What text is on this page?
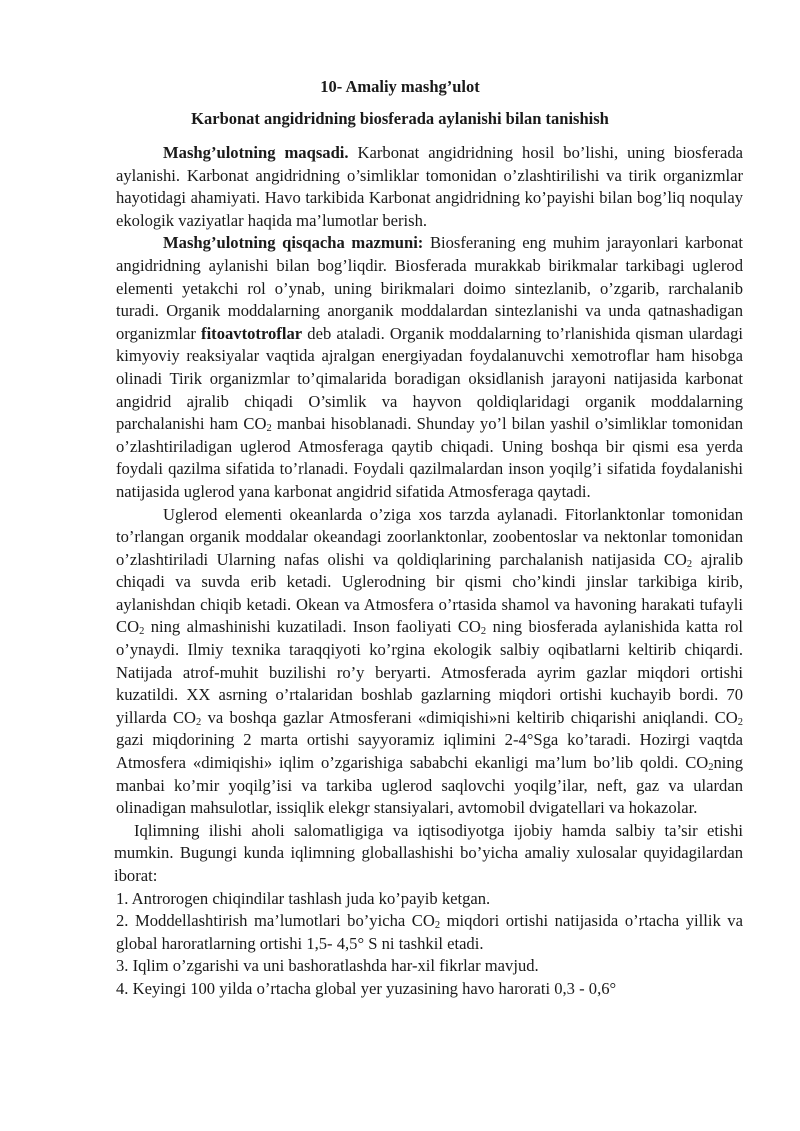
10- Amaliy mashg’ulot
Karbonat angidridning biosferada aylanishi bilan tanishish

Mashg’ulotning maqsadi. Karbonat angidridning hosil bo’lishi, uning biosferada aylanishi. Karbonat angidridning o’simliklar tomonidan o’zlashtirilishi va tirik organizmlar hayotidagi ahamiyati. Havo tarkibida Karbonat angidridning ko’payishi bilan bog’liq noqulay ekologik vaziyatlar haqida ma’lumotlar berish.

Mashg’ulotning qisqacha mazmuni: Biosferaning eng muhim jarayonlari karbonat angidridning aylanishi bilan bog’liqdir. Biosferada murakkab birikmalar tarkibagi uglerod elementi yetakchi rol o’ynab, uning birikmalari doimo sintezlanib, o’zgarib, rarchalanib turadi. Organik moddalarning anorganik moddalardan sintezlanishi va unda qatnashadigan organizmlar fitoavtotroflar deb ataladi. Organik moddalarning to’rlanishida qisman ulardagi kimyoviy reaksiyalar vaqtida ajralgan energiyadan foydalanuvchi xemotroflar ham hisobga olinadi Tirik organizmlar to’qimalarida boradigan oksidlanish jarayoni natijasida karbonat angidrid ajralib chiqadi O’simlik va hayvon qoldiqlaridagi organik moddalarning parchalanishi ham $CO_2$ manbai hisoblanadi. Shunday yo’l bilan yashil o’simliklar tomonidan o’zlashtiriladigan uglerod Atmosferaga qaytib chiqadi. Uning boshqa bir qismi esa yerda foydali qazilma sifatida to’rlanadi. Foydali qazilmalardan inson yoqilg’i sifatida foydalanishi natijasida uglerod yana karbonat angidrid sifatida Atmosferaga qaytadi.

Uglerod elementi okeanlarda o’ziga xos tarzda aylanadi. Fitorlanktonlar tomonidan to’rlangan organik moddalar okeandagi zoorlanktonlar, zoobentoslar va nektonlar tomonidan o’zlashtiriladi Ularning nafas olishi va qoldiqlarining parchalanish natijasida $CO_2$ ajralib chiqadi va suvda erib ketadi. Uglerodning bir qismi cho’kindi jinslar tarkibiga kirib, aylanishdan chiqib ketadi. Okean va Atmosfera o’rtasida shamol va havoning harakati tufayli $CO_2$ ning almashinishi kuzatiladi. Inson faoliyati $CO_2$ ning biosferada aylanishida katta rol o’ynaydi. Ilmiy texnika taraqqiyoti ko’rgina ekologik salbiy oqibatlarni keltirib chiqardi. Natijada atrof-muhit buzilishi ro’y beryarti. Atmosferada ayrim gazlar miqdori ortishi kuzatildi. XX asrning o’rtalaridan boshlab gazlarning miqdori ortishi kuchayib bordi. 70 yillarda $CO_2$ va boshqa gazlar Atmosferani «dimiqishi»ni keltirib chiqarishi aniqlandi. $CO_2$ gazi miqdorining 2 marta ortishi sayyoramiz iqlimini 2-4°Sga ko’taradi. Hozirgi vaqtda Atmosfera «dimiqishi» iqlim o’zgarishiga sababchi ekanligi ma’lum bo’lib qoldi. $CO_2ning$ manbai ko’mir yoqilg’isi va tarkiba uglerod saqlovchi yoqilg’ilar, neft, gaz va ulardan olinadigan mahsulotlar, issiqlik elekgr stansiyalari, avtomobil dvigatellari va hokazolar.

Iqlimning ilishi aholi salomatligiga va iqtisodiyotga ijobiy hamda salbiy ta’sir etishi mumkin. Bugungi kunda iqlimning globallashishi bo’yicha amaliy xulosalar quyidagilardan iborat:

1. Antrorogen chiqindilar tashlash juda ko’payib ketgan.

2. Moddellashtirish ma’lumotlari bo’yicha $CO_2$ miqdori ortishi natijasida o’rtacha yillik va global haroratlarning ortishi 1,5- 4,5° S ni tashkil etadi.

3. Iqlim o’zgarishi va uni bashoratlashda har-xil fikrlar mavjud.

4. Keyingi 100 yilda o’rtacha global yer yuzasining havo harorati 0,3 - 0,6°
